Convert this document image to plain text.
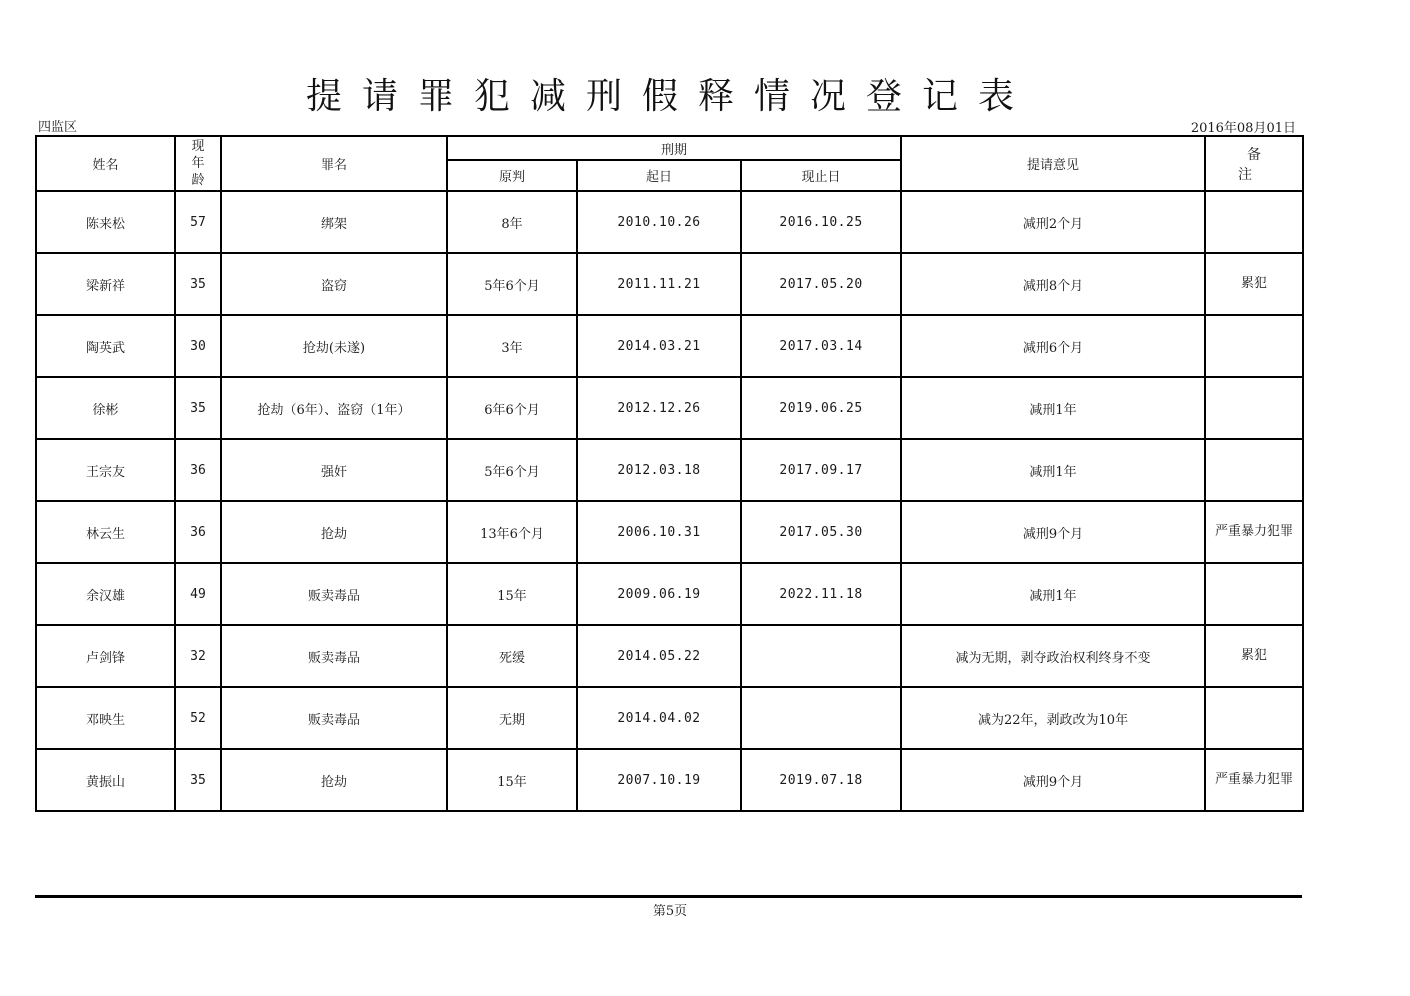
提请罪犯减刑假释情况登记表
四监区	2016年08月01日
姓名	现年龄	罪名	刑期			提请意见	备　注
			原判	起日	现止日		
陈来松	57	绑架	8年	2010.10.26	2016.10.25	减刑2个月	
梁新祥	35	盗窃	5年6个月	2011.11.21	2017.05.20	减刑8个月	累犯
陶英武	30	抢劫(未遂)	3年	2014.03.21	2017.03.14	减刑6个月	
徐彬	35	抢劫（6年）、盗窃（1年）	6年6个月	2012.12.26	2019.06.25	减刑1年	
王宗友	36	强奸	5年6个月	2012.03.18	2017.09.17	减刑1年	
林云生	36	抢劫	13年6个月	2006.10.31	2017.05.30	减刑9个月	严重暴力犯罪
余汉雄	49	贩卖毒品	15年	2009.06.19	2022.11.18	减刑1年	
卢剑锋	32	贩卖毒品	死缓	2014.05.22		减为无期，剥夺政治权利终身不变	累犯
邓映生	52	贩卖毒品	无期	2014.04.02		减为22年，剥政改为10年	
黄振山	35	抢劫	15年	2007.10.19	2019.07.18	减刑9个月	严重暴力犯罪
第5页
